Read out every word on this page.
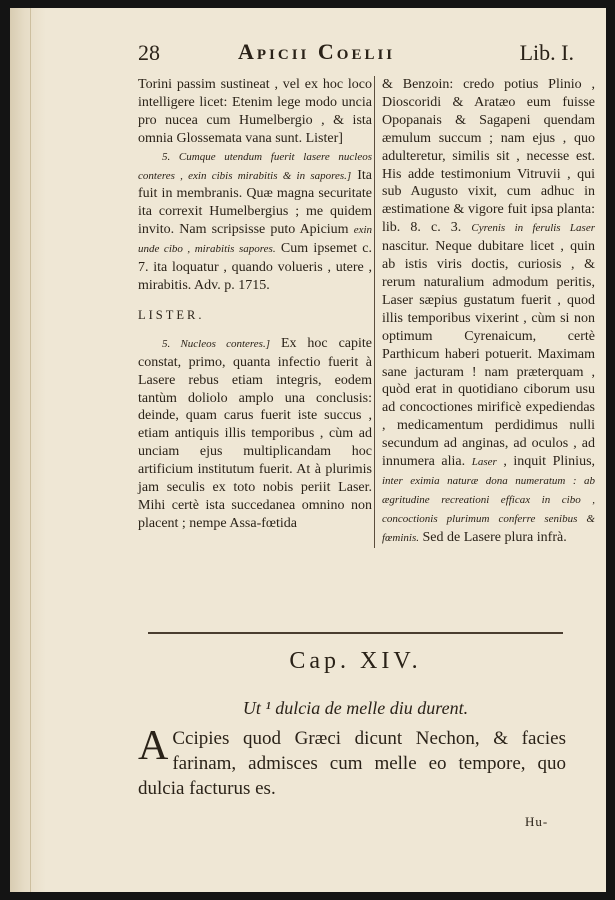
28	Apicii Coelii	Lib. I.

Torini passim sustineat , vel ex hoc loco intelligere licet: Etenim lege modo uncia pro nucea cum Humelbergio , & ista omnia Glossemata vana sunt. Lister]

5. Cumque utendum fuerit lasere nucleos conteres , exin cibis mirabitis & in sapores.] Ita fuit in membranis. Quæ magna securitate ita correxit Humelbergius ; me quidem invito. Nam scripsisse puto Apicium exin unde cibo , mirabitis sapores. Cum ipsemet c. 7. ita loquatur , quando volueris , utere , mirabitis. Adv. p. 1715.

LISTER.

5. Nucleos conteres.] Ex hoc capite constat, primo, quanta infectio fuerit à Lasere rebus etiam integris, eodem tantùm doliolo amplo una conclusis: deinde, quam carus fuerit iste succus , etiam antiquis illis temporibus , cùm ad unciam ejus multiplicandam hoc artificium institutum fuerit. At à plurimis jam seculis ex toto nobis periit Laser. Mihi certè ista succedanea omnino non placent ; nempe Assa-fœtida

& Benzoin: credo potius Plinio , Dioscoridi & Aratæo eum fuisse Opopanais & Sagapeni quendam æmulum succum ; nam ejus , quo adulteretur, similis sit , necesse est. His adde testimonium Vitruvii , qui sub Augusto vixit, cum adhuc in æstimatione & vigore fuit ipsa planta: lib. 8. c. 3. Cyrenis in ferulis Laser nascitur. Neque dubitare licet , quin ab istis viris doctis, curiosis , & rerum naturalium admodum peritis, Laser sæpius gustatum fuerit , quod illis temporibus vixerint , cùm si non optimum Cyrenaicum, certè Parthicum haberi potuerit. Maximam sane jacturam ! nam præterquam , quòd erat in quotidiano ciborum usu ad concoctiones mirificè expediendas , medicamentum perdidimus nulli secundum ad anginas, ad oculos , ad innumera alia. Laser , inquit Plinius, inter eximia naturæ dona numeratum : ab ægritudine recreationi efficax in cibo , concoctionis plurimum conferre senibus & fœminis. Sed de Lasere plura infrà.

Cap. XIV.
Ut ¹ dulcia de melle diu durent.
A Ccipies quod Græci dicunt Nechon, & facies farinam, admisces cum melle eo tempore, quo dulcia facturus es.
Hu-
